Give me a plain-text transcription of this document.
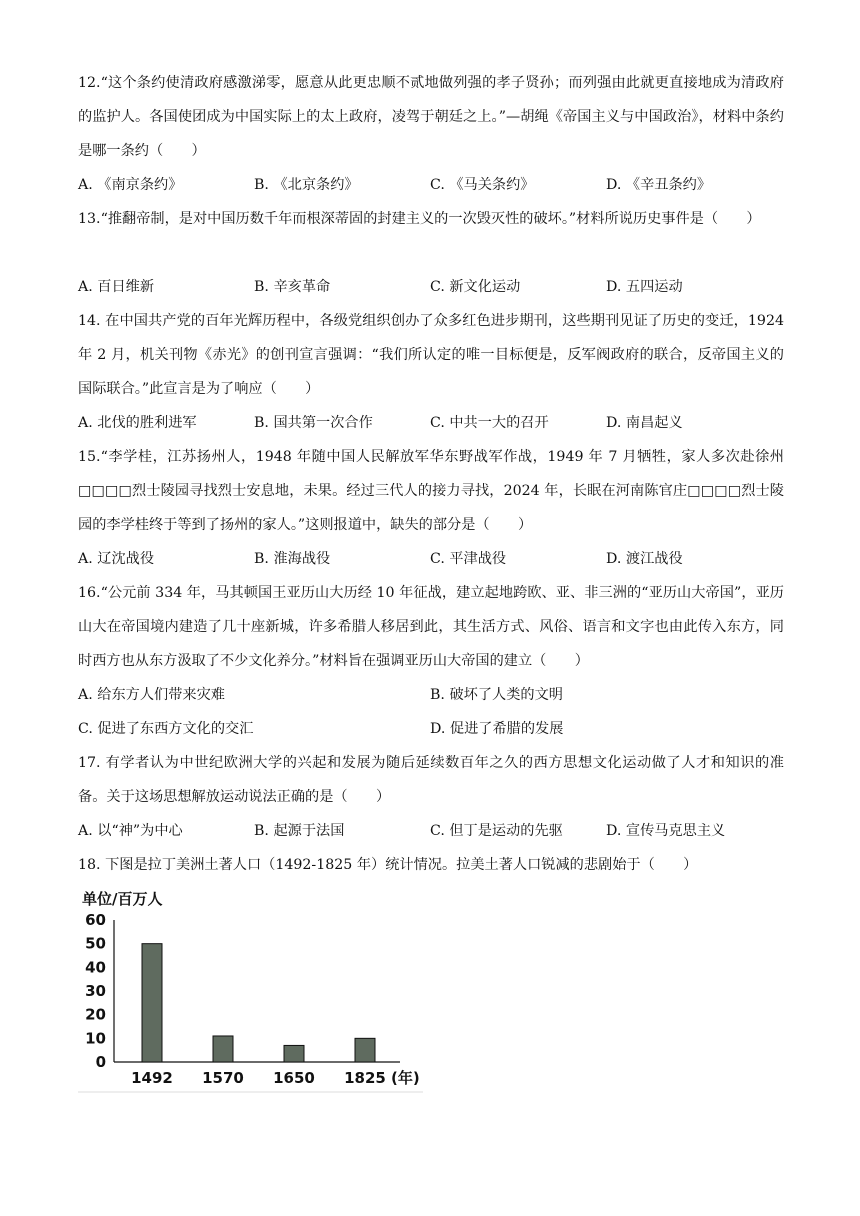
12.“这个条约使清政府感激涕零，愿意从此更忠顺不贰地做列强的孝子贤孙；而列强由此就更直接地成为清政府的监护人。各国使团成为中国实际上的太上政府，凌驾于朝廷之上。”—胡绳《帝国主义与中国政治》，材料中条约是哪一条约（　　）

A. 《南京条约》	B. 《北京条约》	C. 《马关条约》	D. 《辛丑条约》

13.“推翻帝制，是对中国历数千年而根深蒂固的封建主义的一次毁灭性的破坏。”材料所说历史事件是（　　）

A. 百日维新	B. 辛亥革命	C. 新文化运动	D. 五四运动

14. 在中国共产党的百年光辉历程中，各级党组织创办了众多红色进步期刊，这些期刊见证了历史的变迁，1924 年 2 月，机关刊物《赤光》的创刊宣言强调：“我们所认定的唯一目标便是，反军阀政府的联合，反帝国主义的国际联合。”此宣言是为了响应（　　）

A. 北伐的胜利进军	B. 国共第一次合作	C. 中共一大的召开	D. 南昌起义

15.“李学桂，江苏扬州人，1948 年随中国人民解放军华东野战军作战，1949 年 7 月牺牲，家人多次赴徐州□□□□烈士陵园寻找烈士安息地，未果。经过三代人的接力寻找，2024 年，长眠在河南陈官庄□□□□烈士陵园的李学桂终于等到了扬州的家人。”这则报道中，缺失的部分是（　　）

A. 辽沈战役	B. 淮海战役	C. 平津战役	D. 渡江战役

16.“公元前 334 年，马其顿国王亚历山大历经 10 年征战，建立起地跨欧、亚、非三洲的“亚历山大帝国”，亚历山大在帝国境内建造了几十座新城，许多希腊人移居到此，其生活方式、风俗、语言和文字也由此传入东方，同时西方也从东方汲取了不少文化养分。”材料旨在强调亚历山大帝国的建立（　　）

A. 给东方人们带来灾难	B. 破坏了人类的文明
C. 促进了东西方文化的交汇	D. 促进了希腊的发展

17. 有学者认为中世纪欧洲大学的兴起和发展为随后延续数百年之久的西方思想文化运动做了人才和知识的准备。关于这场思想解放运动说法正确的是（　　）

A. 以“神”为中心	B. 起源于法国	C. 但丁是运动的先驱	D. 宣传马克思主义

18. 下图是拉丁美洲土著人口（1492-1825 年）统计情况。拉美土著人口锐减的悲剧始于（　　）

单位/百万人
0
10
20
30
40
50
60
1492 1570 1650 1825 (年)
